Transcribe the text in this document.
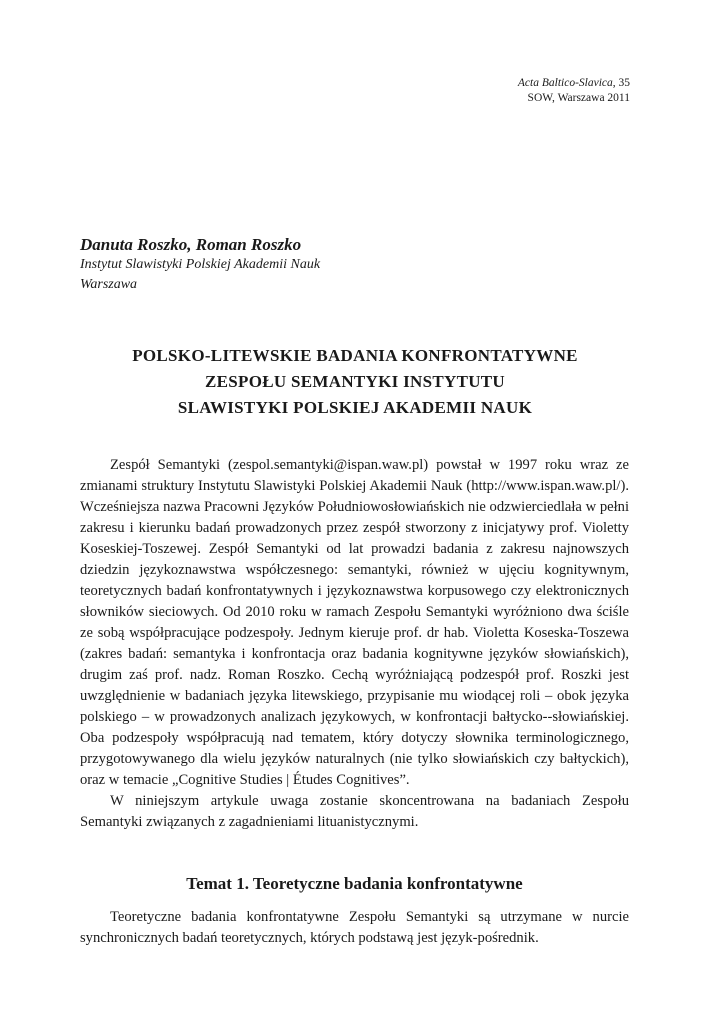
Acta Baltico-Slavica, 35
SOW, Warszawa 2011
Danuta Roszko, Roman Roszko
Instytut Slawistyki Polskiej Akademii Nauk
Warszawa
POLSKO-LITEWSKIE BADANIA KONFRONTATYWNE
ZESPOŁU SEMANTYKI INSTYTUTU
SLAWISTYKI POLSKIEJ AKADEMII NAUK

Zespół Semantyki (zespol.semantyki@ispan.waw.pl) powstał w 1997 roku wraz ze zmianami struktury Instytutu Slawistyki Polskiej Akademii Nauk (http://www.ispan.waw.pl/). Wcześniejsza nazwa Pracowni Języków Południowosłowiańskich nie odzwierciedlała w pełni zakresu i kierunku badań prowadzonych przez zespół stworzony z inicjatywy prof. Violetty Koseskiej-Toszewej. Zespół Semantyki od lat prowadzi badania z zakresu najnowszych dziedzin językoznawstwa współczesnego: semantyki, również w ujęciu kognitywnym, teoretycznych badań konfrontatywnych i językoznawstwa korpusowego czy elektronicznych słowników sieciowych. Od 2010 roku w ramach Zespołu Semantyki wyróżniono dwa ściśle ze sobą współpracujące podzespoły. Jednym kieruje prof. dr hab. Violetta Koseska-Toszewa (zakres badań: semantyka i konfrontacja oraz badania kognitywne języków słowiańskich), drugim zaś prof. nadz. Roman Roszko. Cechą wyróżniającą podzespół prof. Roszki jest uwzględnienie w badaniach języka litewskiego, przypisanie mu wiodącej roli – obok języka polskiego – w prowadzonych analizach językowych, w konfrontacji bałtycko--słowiańskiej. Oba podzespoły współpracują nad tematem, który dotyczy słownika terminologicznego, przygotowywanego dla wielu języków naturalnych (nie tylko słowiańskich czy bałtyckich), oraz w temacie „Cognitive Studies | Études Cognitives”.

W niniejszym artykule uwaga zostanie skoncentrowana na badaniach Zespołu Semantyki związanych z zagadnieniami lituanistycznymi.

Temat 1. Teoretyczne badania konfrontatywne

Teoretyczne badania konfrontatywne Zespołu Semantyki są utrzymane w nurcie synchronicznych badań teoretycznych, których podstawą jest język-pośrednik.
